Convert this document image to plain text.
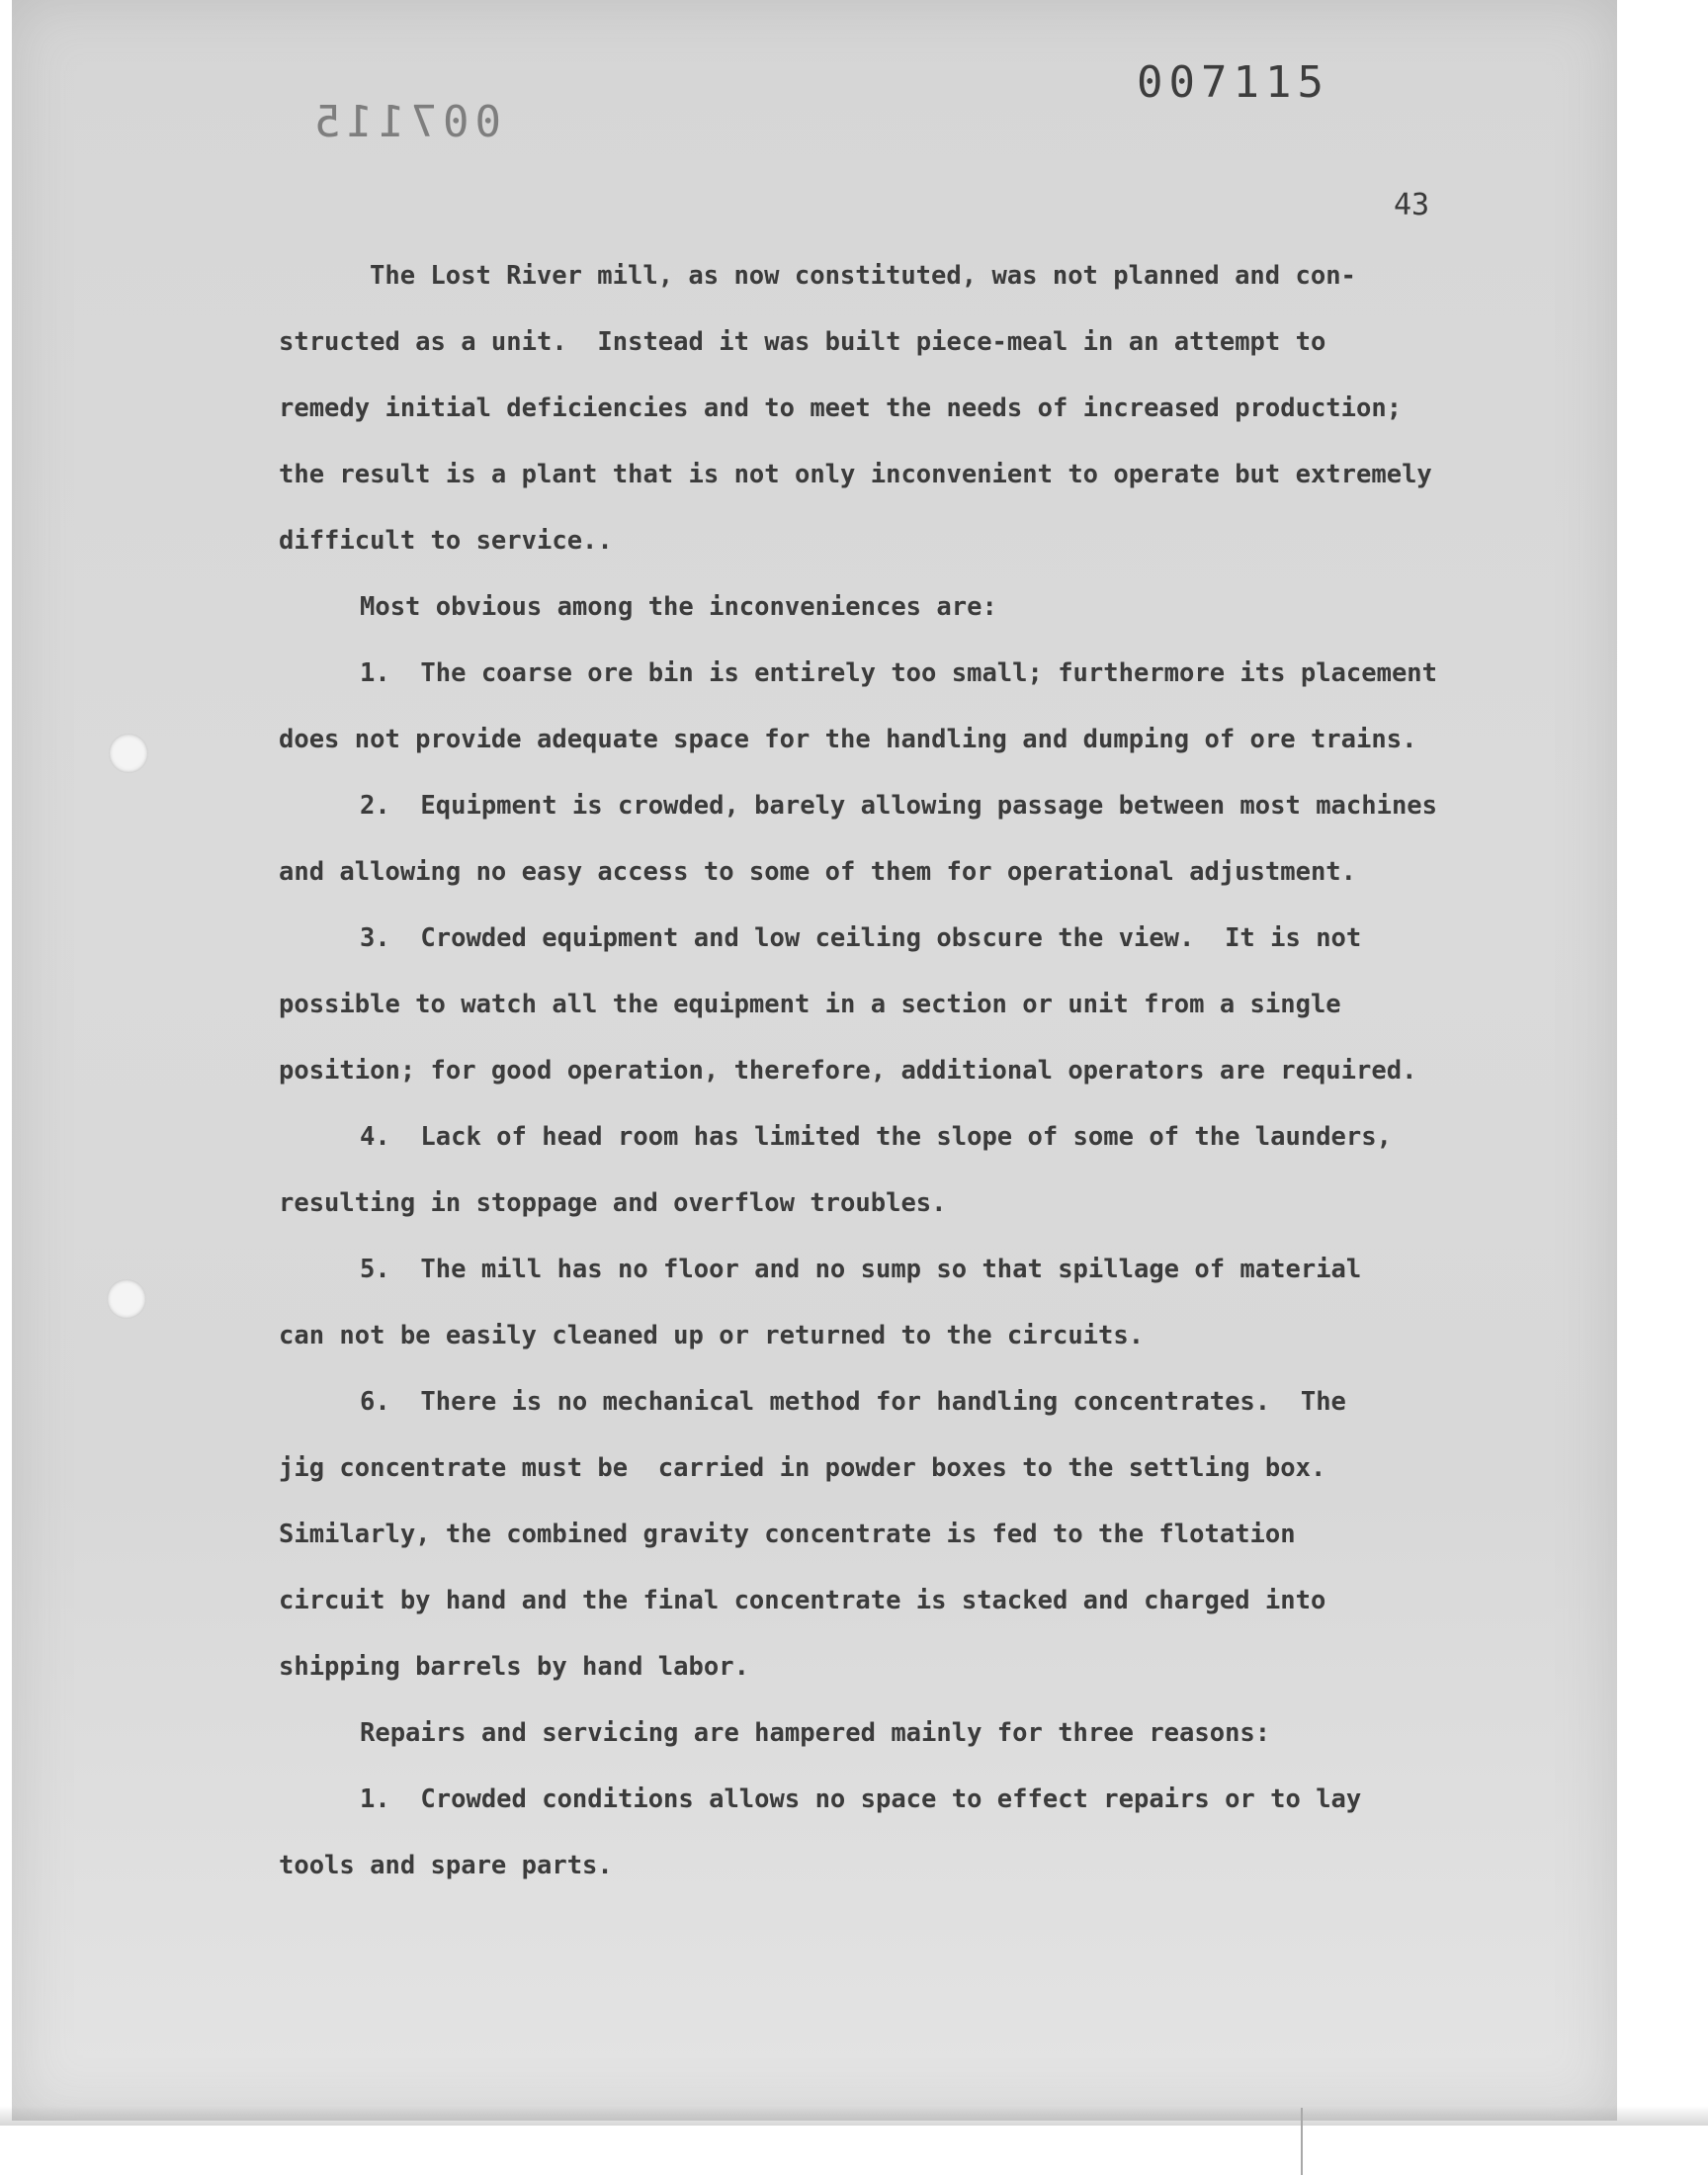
007115
007115
43

The Lost River mill, as now constituted, was not planned and con-

structed as a unit.  Instead it was built piece-meal in an attempt to

remedy initial deficiencies and to meet the needs of increased production;

the result is a plant that is not only inconvenient to operate but extremely

difficult to service..

Most obvious among the inconveniences are:

1.  The coarse ore bin is entirely too small; furthermore its placement

does not provide adequate space for the handling and dumping of ore trains.

2.  Equipment is crowded, barely allowing passage between most machines

and allowing no easy access to some of them for operational adjustment.

3.  Crowded equipment and low ceiling obscure the view.  It is not

possible to watch all the equipment in a section or unit from a single

position; for good operation, therefore, additional operators are required.

4.  Lack of head room has limited the slope of some of the launders,

resulting in stoppage and overflow troubles.

5.  The mill has no floor and no sump so that spillage of material

can not be easily cleaned up or returned to the circuits.

6.  There is no mechanical method for handling concentrates.  The

jig concentrate must be  carried in powder boxes to the settling box.

Similarly, the combined gravity concentrate is fed to the flotation

circuit by hand and the final concentrate is stacked and charged into

shipping barrels by hand labor.

Repairs and servicing are hampered mainly for three reasons:

1.  Crowded conditions allows no space to effect repairs or to lay

tools and spare parts.
